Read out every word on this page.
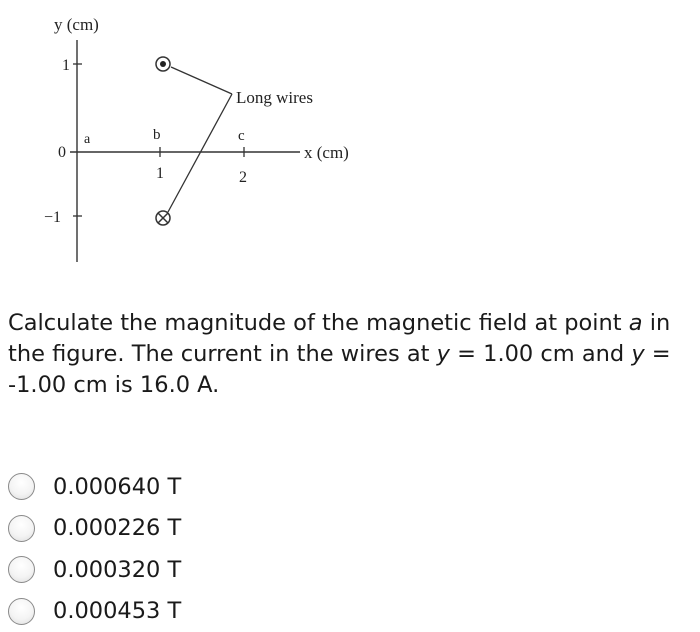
y (cm)
1
0
−1
x (cm)
1	2
a	b	c
Long wires
Calculate the magnitude of the magnetic field at point a in the figure. The current in the wires at y = 1.00 cm and y = -1.00 cm is 16.0 A.
0.000640 T
0.000226 T
0.000320 T
0.000453 T
